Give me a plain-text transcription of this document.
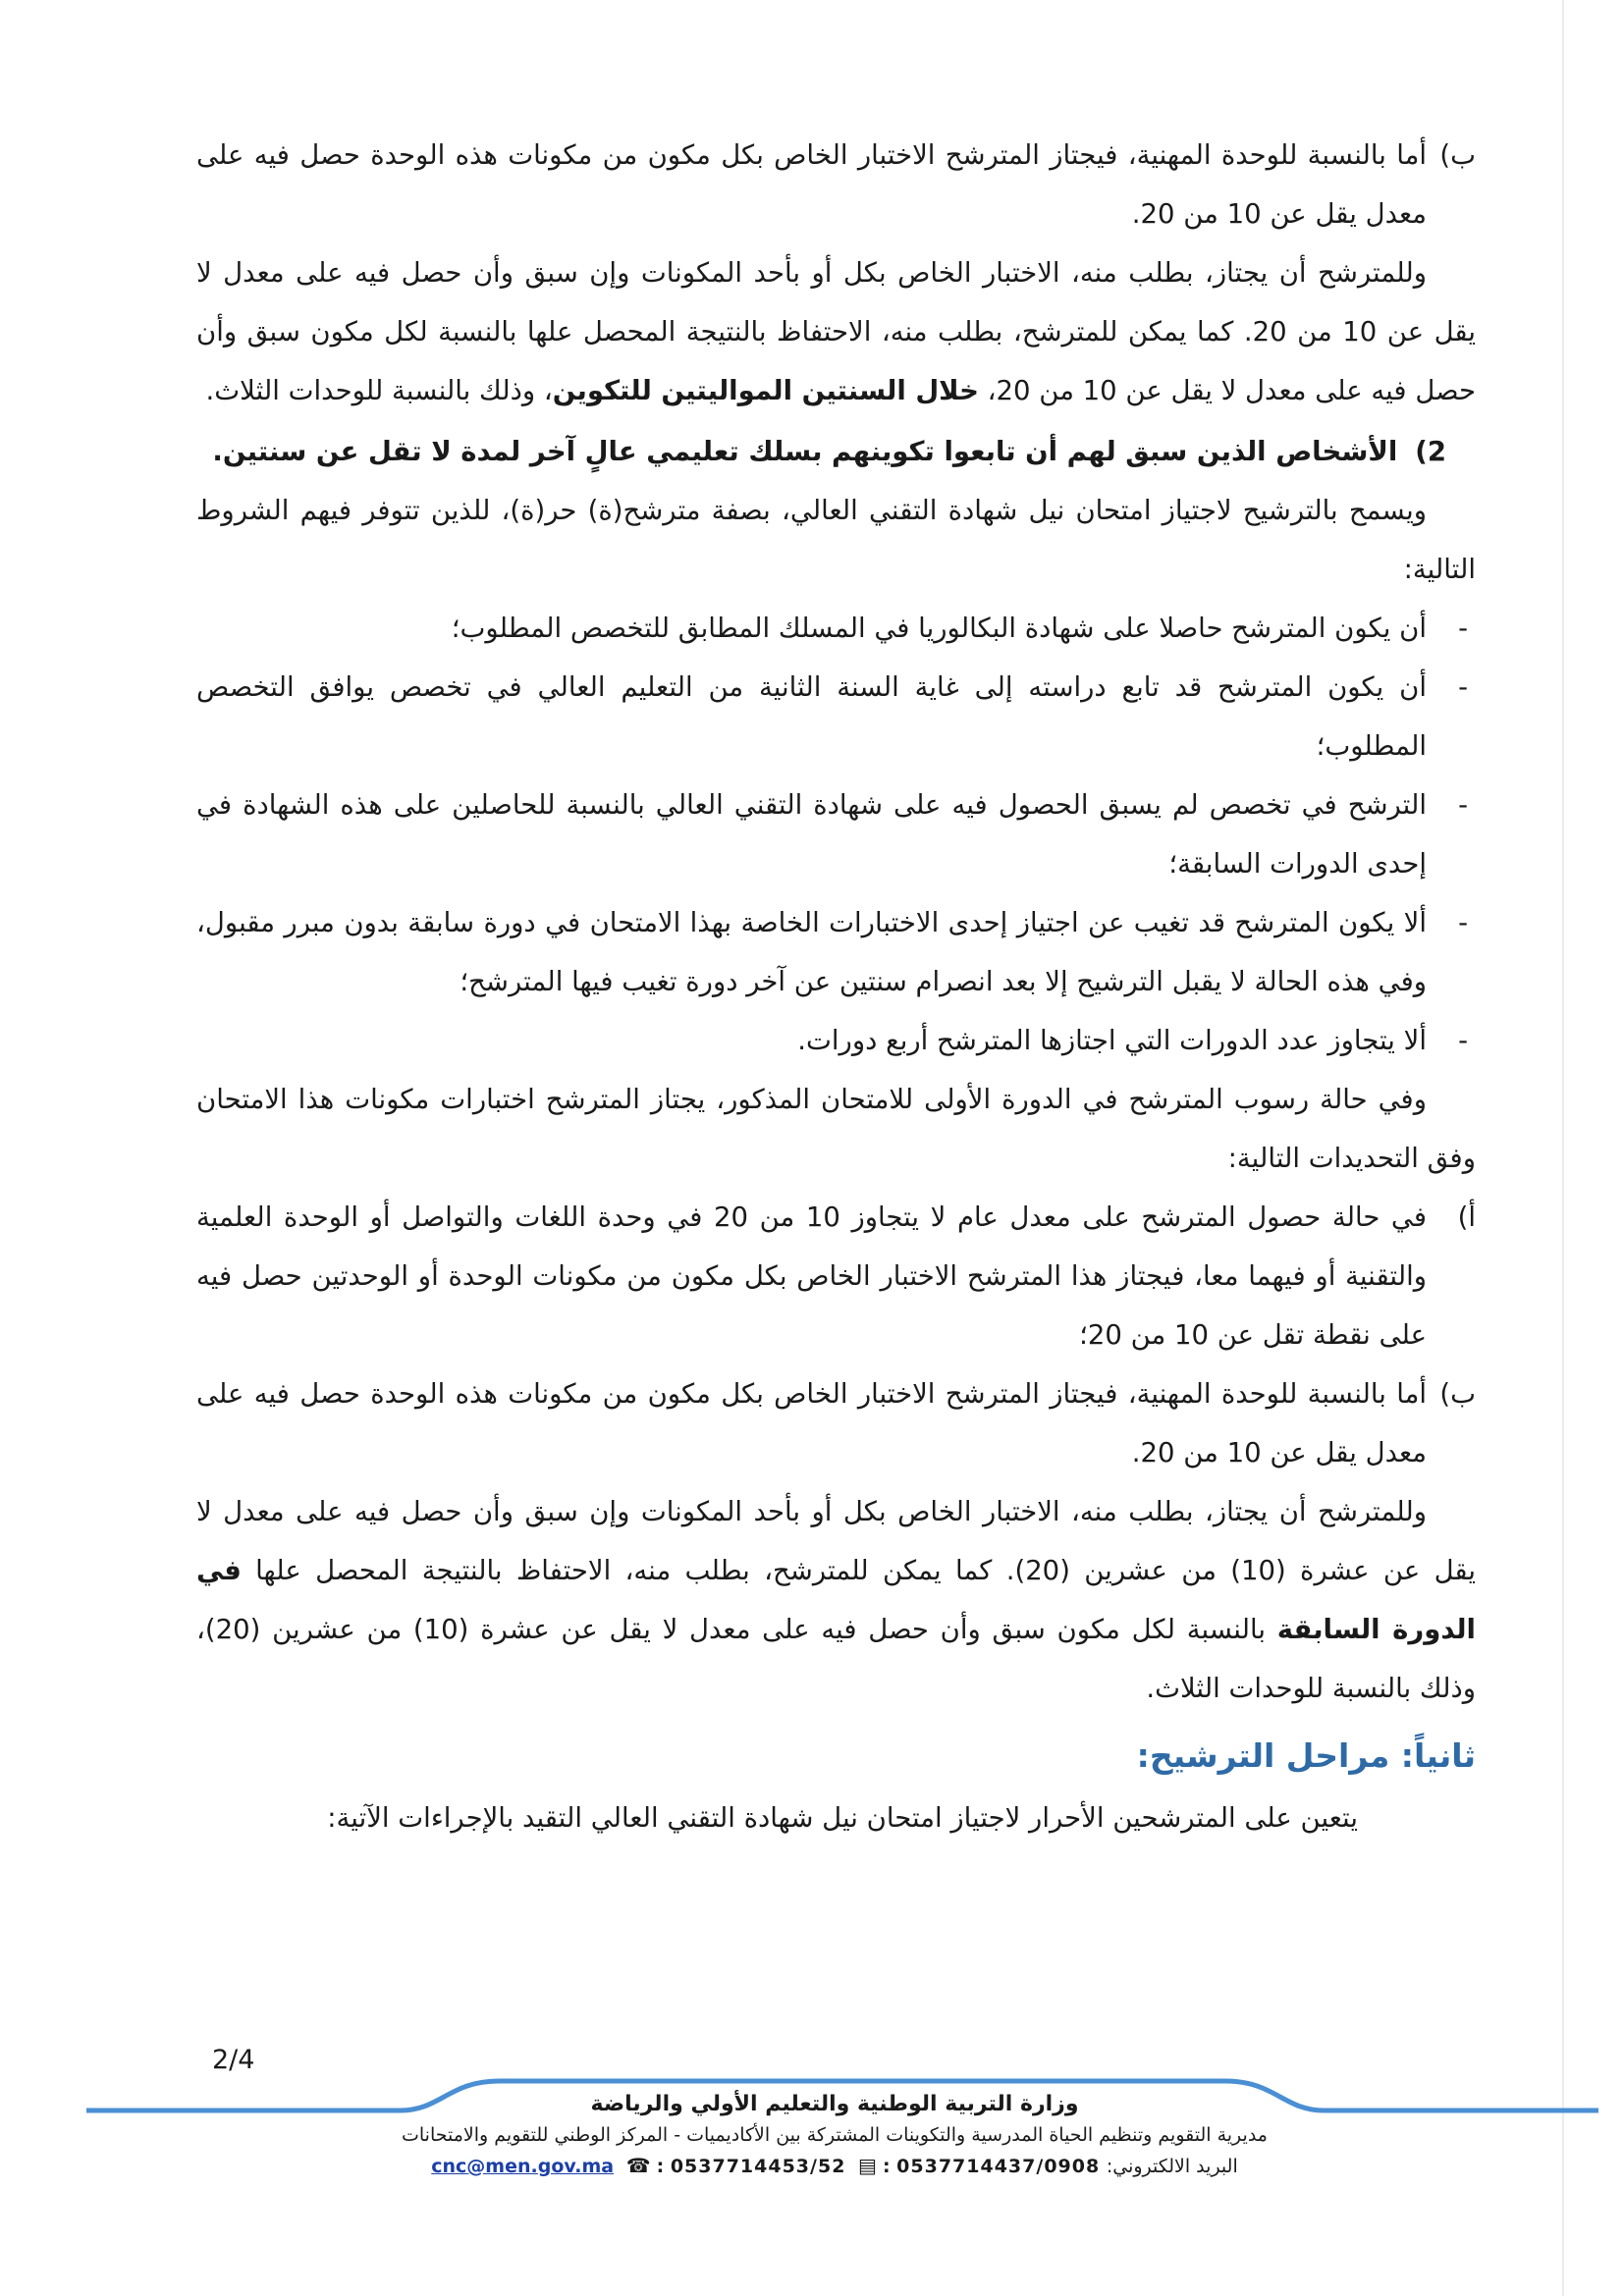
ب)
أما بالنسبة للوحدة المهنية، فيجتاز المترشح الاختبار الخاص بكل مكون من مكونات هذه الوحدة حصل فيه على معدل يقل عن 10 من 20.

وللمترشح أن يجتاز، بطلب منه، الاختبار الخاص بكل أو بأحد المكونات وإن سبق وأن حصل فيه على معدل لا يقل عن 10 من 20. كما يمكن للمترشح، بطلب منه، الاحتفاظ بالنتيجة المحصل علها بالنسبة لكل مكون سبق وأن حصل فيه على معدل لا يقل عن 10 من 20، خلال السنتين المواليتين للتكوين، وذلك بالنسبة للوحدات الثلاث.

2)الأشخاص الذين سبق لهم أن تابعوا تكوينهم بسلك تعليمي عالٍ آخر لمدة لا تقل عن سنتين.

ويسمح بالترشيح لاجتياز امتحان نيل شهادة التقني العالي، بصفة مترشح(ة) حر(ة)، للذين تتوفر فيهم الشروط التالية:

-
أن يكون المترشح حاصلا على شهادة البكالوريا في المسلك المطابق للتخصص المطلوب؛
-
أن يكون المترشح قد تابع دراسته إلى غاية السنة الثانية من التعليم العالي في تخصص يوافق التخصص المطلوب؛
-
الترشح في تخصص لم يسبق الحصول فيه على شهادة التقني العالي بالنسبة للحاصلين على هذه الشهادة في إحدى الدورات السابقة؛
-
ألا يكون المترشح قد تغيب عن اجتياز إحدى الاختبارات الخاصة بهذا الامتحان في دورة سابقة بدون مبرر مقبول، وفي هذه الحالة لا يقبل الترشيح إلا بعد انصرام سنتين عن آخر دورة تغيب فيها المترشح؛
-
ألا يتجاوز عدد الدورات التي اجتازها المترشح أربع دورات.

وفي حالة رسوب المترشح في الدورة الأولى للامتحان المذكور، يجتاز المترشح اختبارات مكونات هذا الامتحان وفق التحديدات التالية:

أ)
في حالة حصول المترشح على معدل عام لا يتجاوز 10 من 20 في وحدة اللغات والتواصل أو الوحدة العلمية والتقنية أو فيهما معا، فيجتاز هذا المترشح الاختبار الخاص بكل مكون من مكونات الوحدة أو الوحدتين حصل فيه على نقطة تقل عن 10 من 20؛

ب)
أما بالنسبة للوحدة المهنية، فيجتاز المترشح الاختبار الخاص بكل مكون من مكونات هذه الوحدة حصل فيه على معدل يقل عن 10 من 20.

وللمترشح أن يجتاز، بطلب منه، الاختبار الخاص بكل أو بأحد المكونات وإن سبق وأن حصل فيه على معدل لا يقل عن عشرة (10) من عشرين (20). كما يمكن للمترشح، بطلب منه، الاحتفاظ بالنتيجة المحصل علها في الدورة السابقة بالنسبة لكل مكون سبق وأن حصل فيه على معدل لا يقل عن عشرة (10) من عشرين (20)، وذلك بالنسبة للوحدات الثلاث.

ثانياً: مراحل الترشيح:

يتعين على المترشحين الأحرار لاجتياز امتحان نيل شهادة التقني العالي التقيد بالإجراءات الآتية:

2/4
وزارة التربية الوطنية والتعليم الأولي والرياضة
مديرية التقويم وتنظيم الحياة المدرسية والتكوينات المشتركة بين الأكاديميات - المركز الوطني للتقويم والامتحانات
البريد الالكتروني: cnc@men.gov.ma ☎ : 0537714453/52 ▤ : 0537714437/0908
